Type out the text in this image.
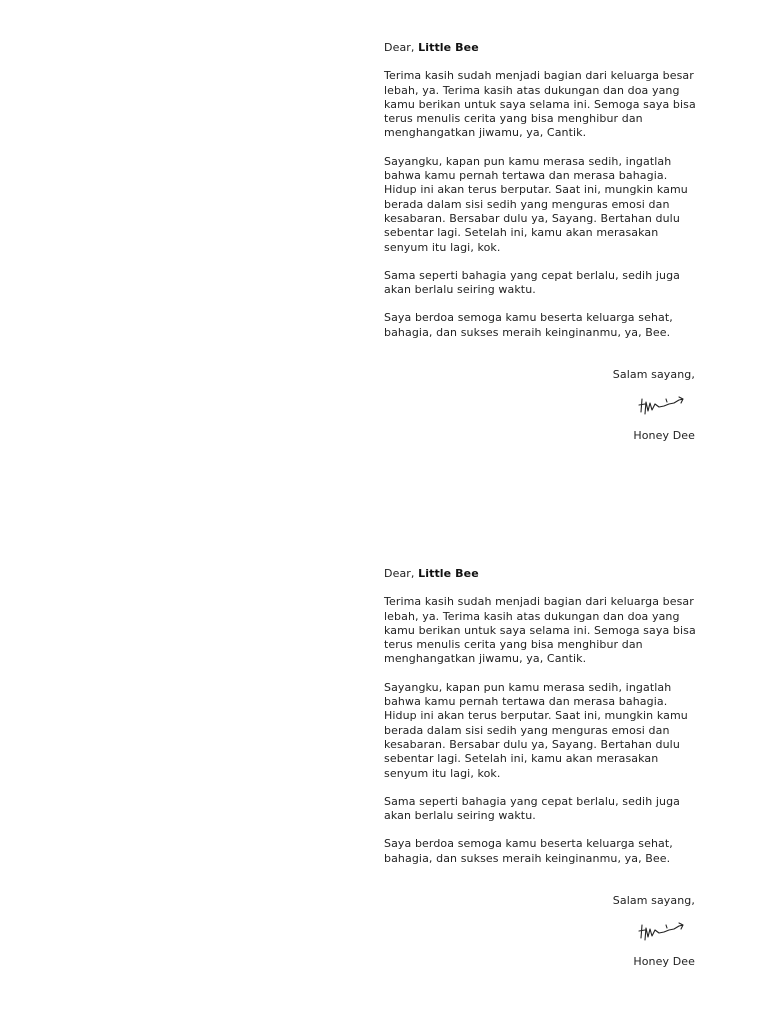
Dear, Little Bee

Terima kasih sudah menjadi bagian dari keluarga besar lebah, ya. Terima kasih atas dukungan dan doa yang kamu berikan untuk saya selama ini. Semoga saya bisa terus menulis cerita yang bisa menghibur dan menghangatkan jiwamu, ya, Cantik.

Sayangku, kapan pun kamu merasa sedih, ingatlah bahwa kamu pernah tertawa dan merasa bahagia. Hidup ini akan terus berputar. Saat ini, mungkin kamu berada dalam sisi sedih yang menguras emosi dan kesabaran. Bersabar dulu ya, Sayang. Bertahan dulu sebentar lagi. Setelah ini, kamu akan merasakan senyum itu lagi, kok.

Sama seperti bahagia yang cepat berlalu, sedih juga akan berlalu seiring waktu.

Saya berdoa semoga kamu beserta keluarga sehat, bahagia, dan sukses meraih keinginanmu, ya, Bee.

Salam sayang,
Honey Dee

Dear, Little Bee

Terima kasih sudah menjadi bagian dari keluarga besar lebah, ya. Terima kasih atas dukungan dan doa yang kamu berikan untuk saya selama ini. Semoga saya bisa terus menulis cerita yang bisa menghibur dan menghangatkan jiwamu, ya, Cantik.

Sayangku, kapan pun kamu merasa sedih, ingatlah bahwa kamu pernah tertawa dan merasa bahagia. Hidup ini akan terus berputar. Saat ini, mungkin kamu berada dalam sisi sedih yang menguras emosi dan kesabaran. Bersabar dulu ya, Sayang. Bertahan dulu sebentar lagi. Setelah ini, kamu akan merasakan senyum itu lagi, kok.

Sama seperti bahagia yang cepat berlalu, sedih juga akan berlalu seiring waktu.

Saya berdoa semoga kamu beserta keluarga sehat, bahagia, dan sukses meraih keinginanmu, ya, Bee.

Salam sayang,
Honey Dee
